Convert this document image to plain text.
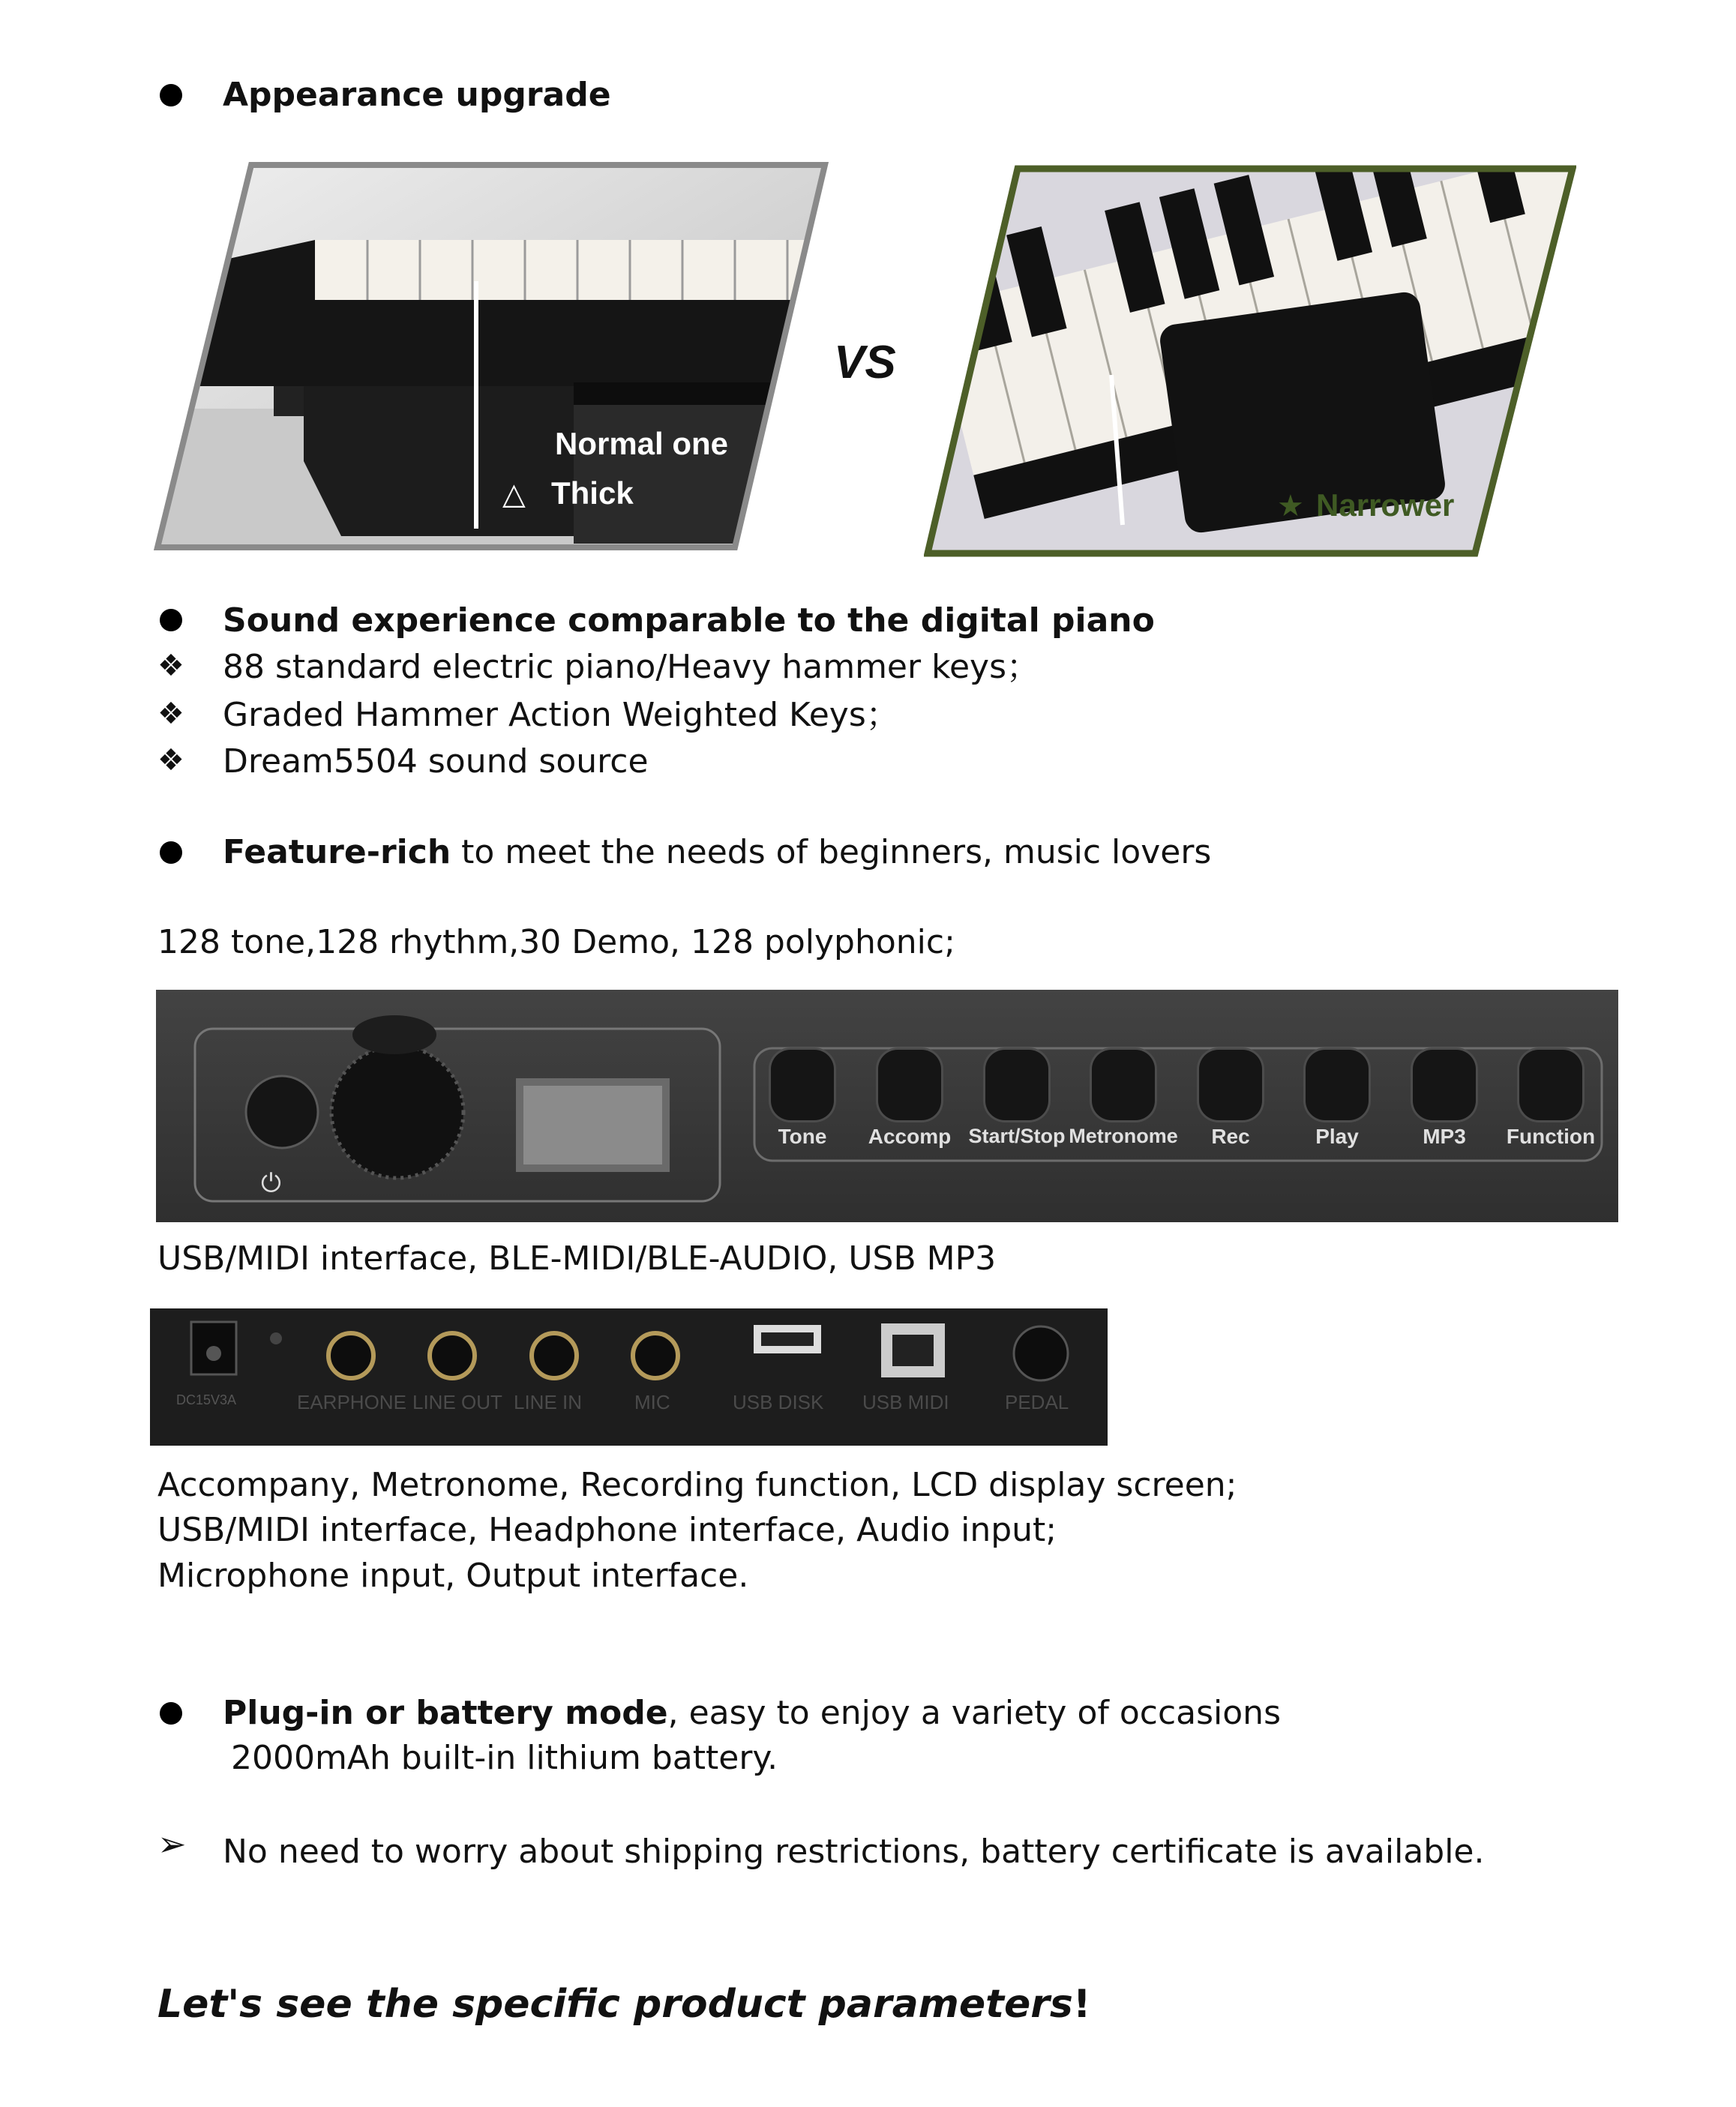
Appearance upgrade
Normal one
△ Thick
VS
★ Narrower
Sound experience comparable to the digital piano
❖ 88 standard electric piano/Heavy hammer keys；
❖ Graded Hammer Action Weighted Keys；
❖ Dream5504 sound source
Feature-rich to meet the needs of beginners, music lovers
128 tone,128 rhythm,30 Demo, 128 polyphonic;
⏻
Tone	Accomp Start/Stop Metronome	Rec	Play	MP3	Function
USB/MIDI interface, BLE-MIDI/BLE-AUDIO, USB MP3
DC15V3A	EARPHONE LINE OUT LINE IN	MIC	USB DISK USB MIDI	PEDAL
Accompany, Metronome, Recording function, LCD display screen;
USB/MIDI interface, Headphone interface, Audio input;
Microphone input, Output interface.
Plug-in or battery mode, easy to enjoy a variety of occasions
2000mAh built-in lithium battery.
➢ No need to worry about shipping restrictions, battery certificate is available.
Let's see the specific product parameters!
